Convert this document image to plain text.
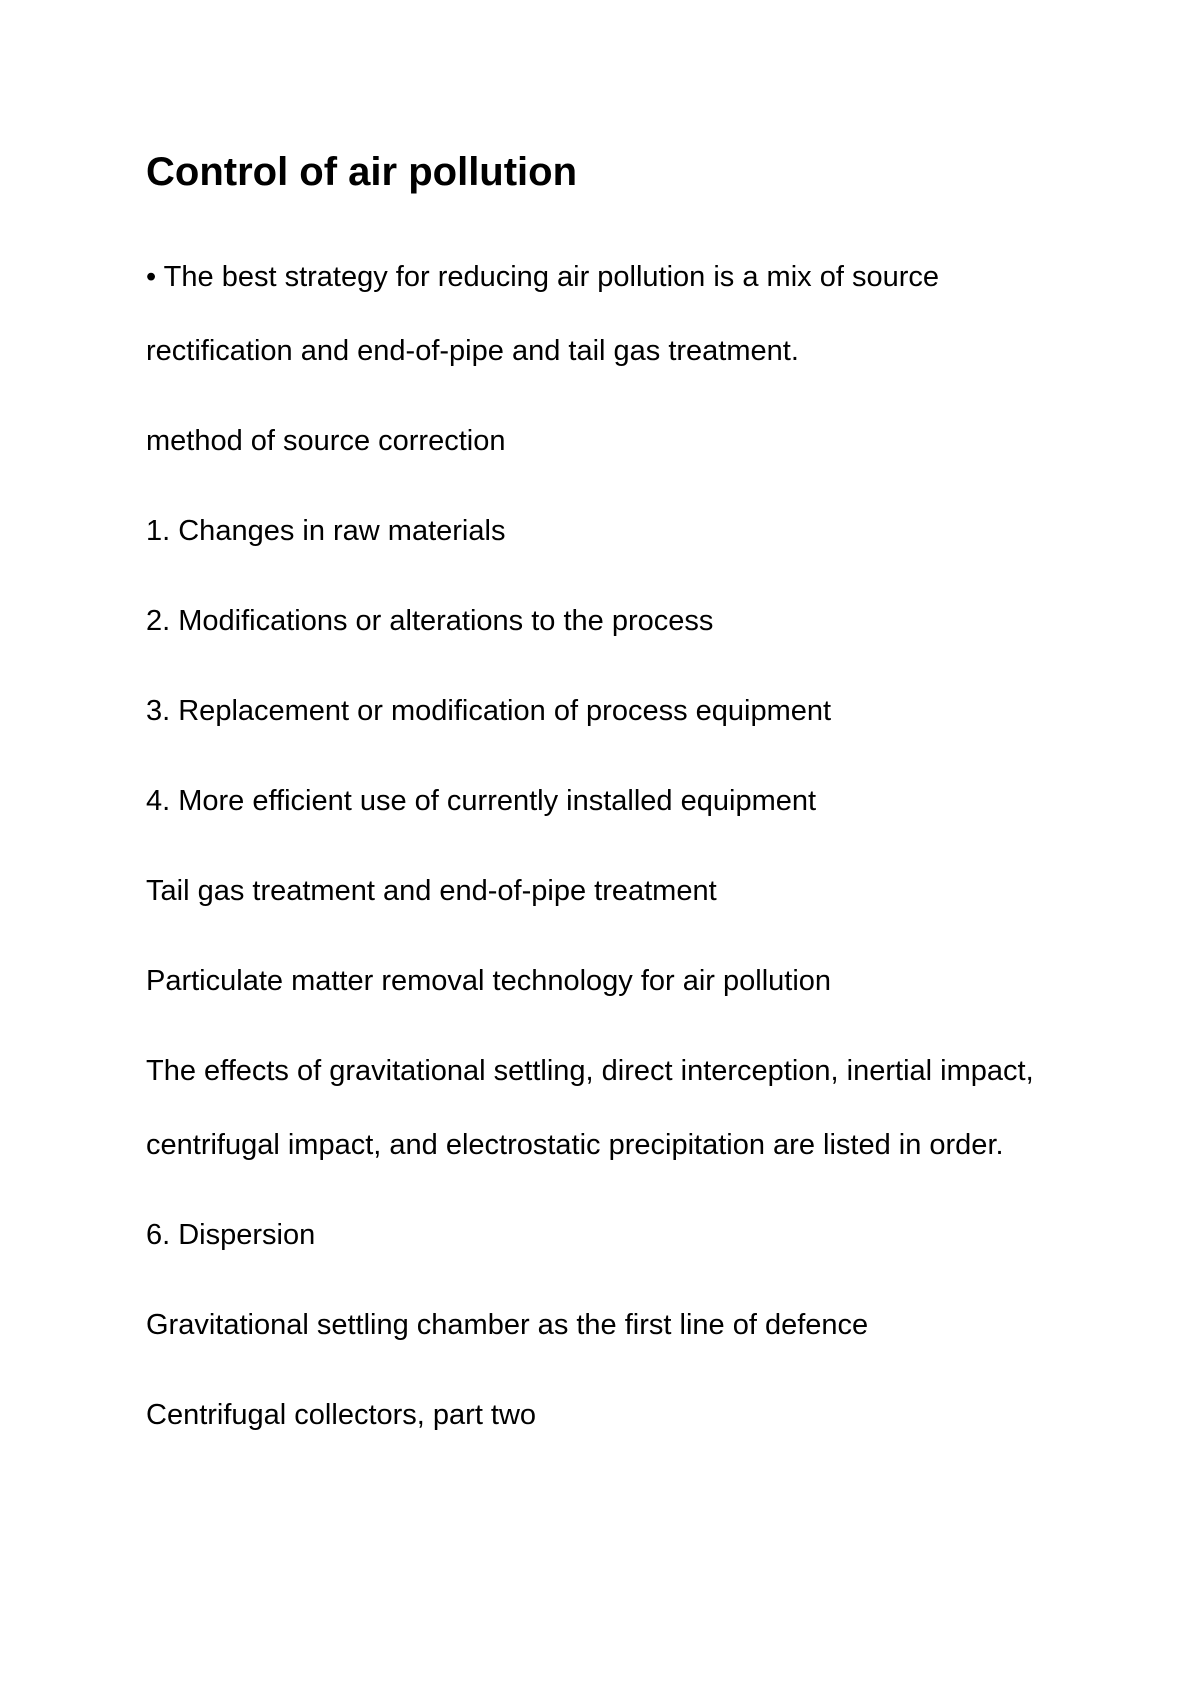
Control of air pollution

• The best strategy for reducing air pollution is a mix of source rectification and end-of-pipe and tail gas treatment.

method of source correction

1. Changes in raw materials

2. Modifications or alterations to the process

3. Replacement or modification of process equipment

4. More efficient use of currently installed equipment

Tail gas treatment and end-of-pipe treatment

Particulate matter removal technology for air pollution

The effects of gravitational settling, direct interception, inertial impact, centrifugal impact, and electrostatic precipitation are listed in order.

6. Dispersion

Gravitational settling chamber as the first line of defence

Centrifugal collectors, part two
